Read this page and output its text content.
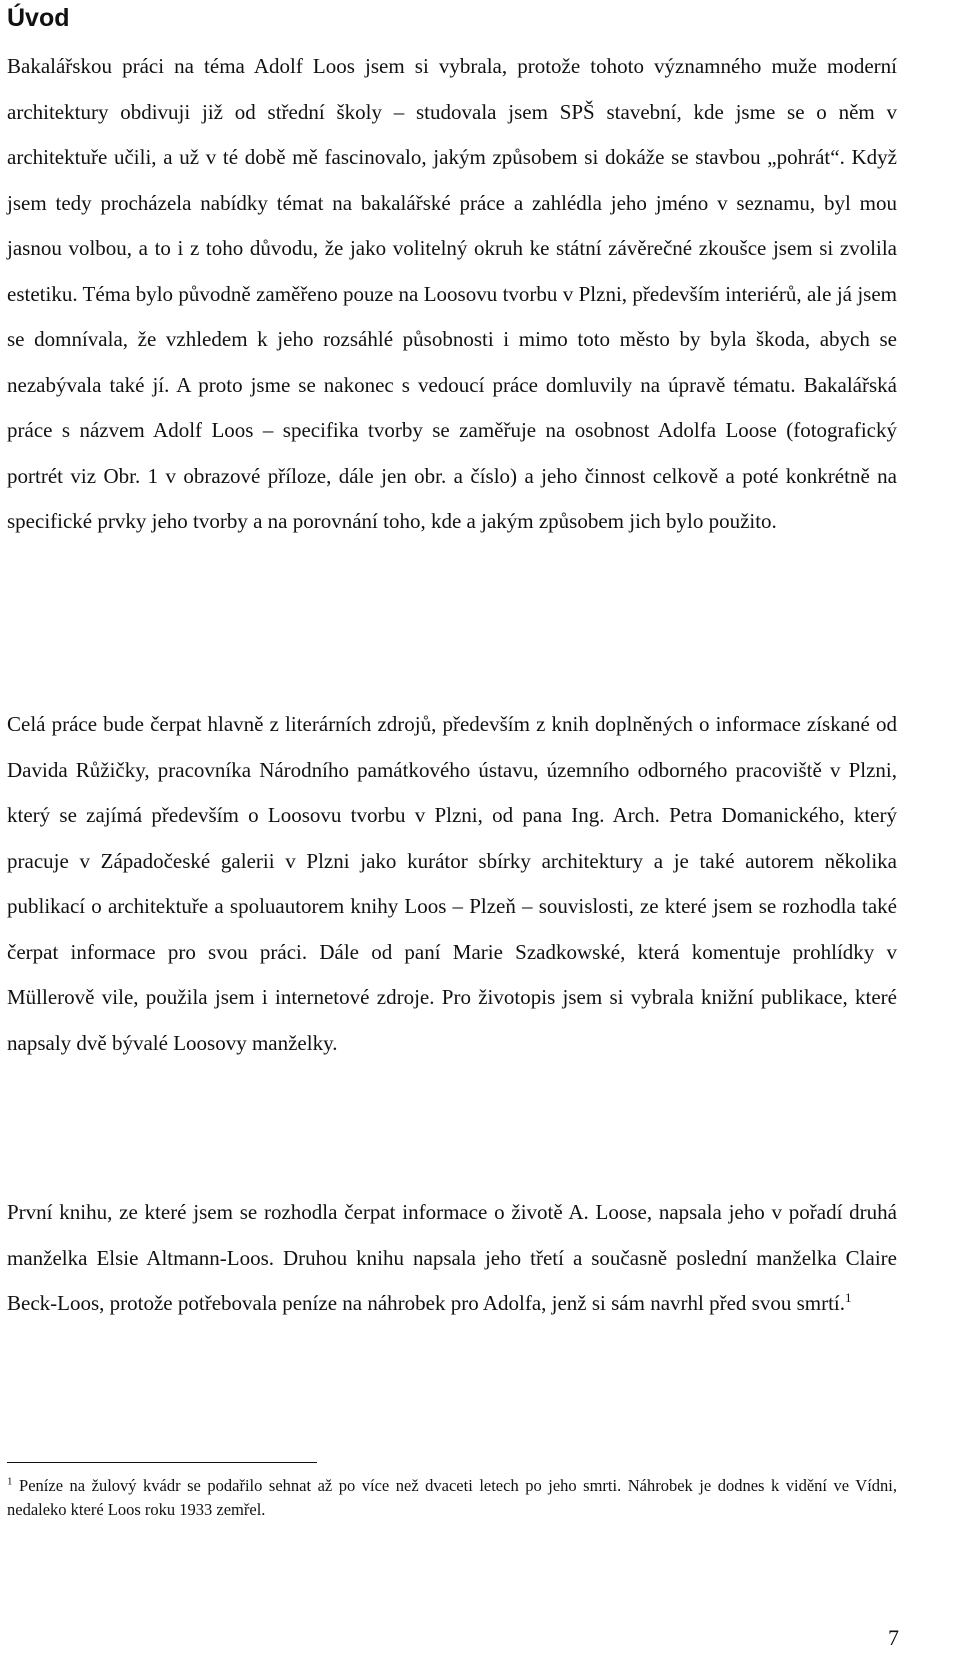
Úvod

Bakalářskou práci na téma Adolf Loos jsem si vybrala, protože tohoto významného muže moderní architektury obdivuji již od střední školy – studovala jsem SPŠ stavební, kde jsme se o něm v architektuře učili, a už v té době mě fascinovalo, jakým způsobem si dokáže se stavbou „pohrát“. Když jsem tedy procházela nabídky témat na bakalářské práce a zahlédla jeho jméno v seznamu, byl mou jasnou volbou, a to i z toho důvodu, že jako volitelný okruh ke státní závěrečné zkoušce jsem si zvolila estetiku. Téma bylo původně zaměřeno pouze na Loosovu tvorbu v Plzni, především interiérů, ale já jsem se domnívala, že vzhledem k jeho rozsáhlé působnosti i mimo toto město by byla škoda, abych se nezabývala také jí. A proto jsme se nakonec s vedoucí práce domluvily na úpravě tématu. Bakalářská práce s názvem Adolf Loos – specifika tvorby se zaměřuje na osobnost Adolfa Loose (fotografický portrét viz Obr. 1 v obrazové příloze, dále jen obr. a číslo) a jeho činnost celkově a poté konkrétně na specifické prvky jeho tvorby a na porovnání toho, kde a jakým způsobem jich bylo použito.

Celá práce bude čerpat hlavně z literárních zdrojů, především z knih doplněných o informace získané od Davida Růžičky, pracovníka Národního památkového ústavu, územního odborného pracoviště v Plzni, který se zajímá především o Loosovu tvorbu v Plzni, od pana Ing. Arch. Petra Domanického, který pracuje v Západočeské galerii v Plzni jako kurátor sbírky architektury a je také autorem několika publikací o architektuře a spoluautorem knihy Loos – Plzeň – souvislosti, ze které jsem se rozhodla také čerpat informace pro svou práci. Dále od paní Marie Szadkowské, která komentuje prohlídky v Müllerově vile, použila jsem i internetové zdroje. Pro životopis jsem si vybrala knižní publikace, které napsaly dvě bývalé Loosovy manželky.

První knihu, ze které jsem se rozhodla čerpat informace o životě A. Loose, napsala jeho v pořadí druhá manželka Elsie Altmann-Loos. Druhou knihu napsala jeho třetí a současně poslední manželka Claire Beck-Loos, protože potřebovala peníze na náhrobek pro Adolfa, jenž si sám navrhl před svou smrtí.$^1$

$^1$ Peníze na žulový kvádr se podařilo sehnat až po více než dvaceti letech po jeho smrti. Náhrobek je dodnes k vidění ve Vídni, nedaleko které Loos roku 1933 zemřel.

7
